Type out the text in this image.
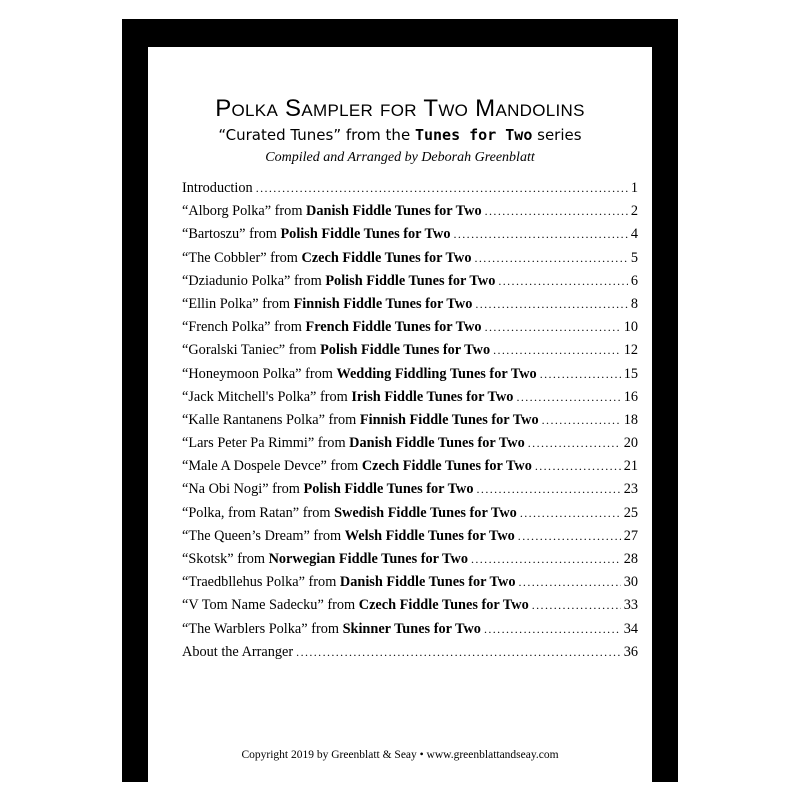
Polka Sampler for Two Mandolins
“Curated Tunes” from the Tunes for Two series
Compiled and Arranged by Deborah Greenblatt
Introduction .....	1
“Alborg Polka” from Danish Fiddle Tunes for Two .....	2
“Bartoszu” from Polish Fiddle Tunes for Two .....	4
“The Cobbler” from Czech Fiddle Tunes for Two .....	5
“Dziadunio Polka” from Polish Fiddle Tunes for Two .....	6
“Ellin Polka” from Finnish Fiddle Tunes for Two .....	8
“French Polka” from French Fiddle Tunes for Two .....	10
“Goralski Taniec” from Polish Fiddle Tunes for Two .....	12
“Honeymoon Polka” from Wedding Fiddling Tunes for Two .....	15
“Jack Mitchell's Polka” from Irish Fiddle Tunes for Two .....	16
“Kalle Rantanens Polka” from Finnish Fiddle Tunes for Two .....	18
“Lars Peter Pa Rimmi” from Danish Fiddle Tunes for Two .....	20
“Male A Dospele Devce” from Czech Fiddle Tunes for Two .....	21
“Na Obi Nogi” from Polish Fiddle Tunes for Two .....	23
“Polka, from Ratan” from Swedish Fiddle Tunes for Two .....	25
“The Queen’s Dream” from Welsh Fiddle Tunes for Two .....	27
“Skotsk” from Norwegian Fiddle Tunes for Two .....	28
“Traedbllehus Polka” from Danish Fiddle Tunes for Two .....	30
“V Tom Name Sadecku” from Czech Fiddle Tunes for Two .....	33
“The Warblers Polka” from Skinner Tunes for Two .....	34
About the Arranger .....	36
Copyright 2019 by Greenblatt & Seay • www.greenblattandseay.com
